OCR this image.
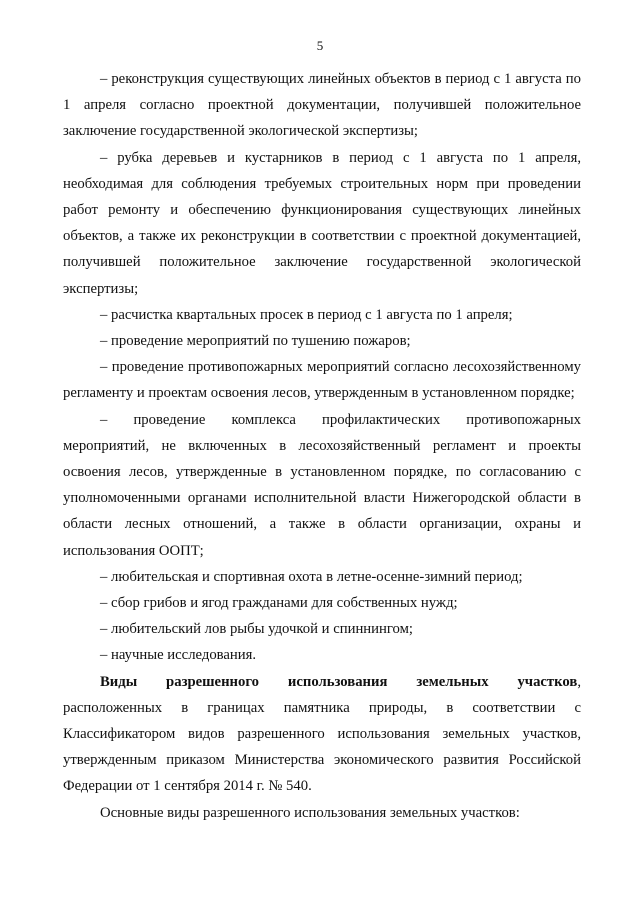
5

– реконструкция существующих линейных объектов в период с 1 августа по 1 апреля согласно проектной документации, получившей положительное заключение государственной экологической экспертизы;

– рубка деревьев и кустарников в период с 1 августа по 1 апреля, необходимая для соблюдения требуемых строительных норм при проведении работ ремонту и обеспечению функционирования существующих линейных объектов, а также их реконструкции в соответствии с проектной документацией, получившей положительное заключение государственной экологической экспертизы;

– расчистка квартальных просек в период с 1 августа по 1 апреля;

– проведение мероприятий по тушению пожаров;

– проведение противопожарных мероприятий согласно лесохозяйственному регламенту и проектам освоения лесов, утвержденным в установленном порядке;

– проведение комплекса профилактических противопожарных мероприятий, не включенных в лесохозяйственный регламент и проекты освоения лесов, утвержденные в установленном порядке, по согласованию с уполномоченными органами исполнительной власти Нижегородской области в области лесных отношений, а также в области организации, охраны и использования ООПТ;

– любительская и спортивная охота в летне-осенне-зимний период;

– сбор грибов и ягод гражданами для собственных нужд;

– любительский лов рыбы удочкой и спиннингом;

– научные исследования.

Виды разрешенного использования земельных участков, расположенных в границах памятника природы, в соответствии с Классификатором видов разрешенного использования земельных участков, утвержденным приказом Министерства экономического развития Российской Федерации от 1 сентября 2014 г. № 540.

Основные виды разрешенного использования земельных участков:
